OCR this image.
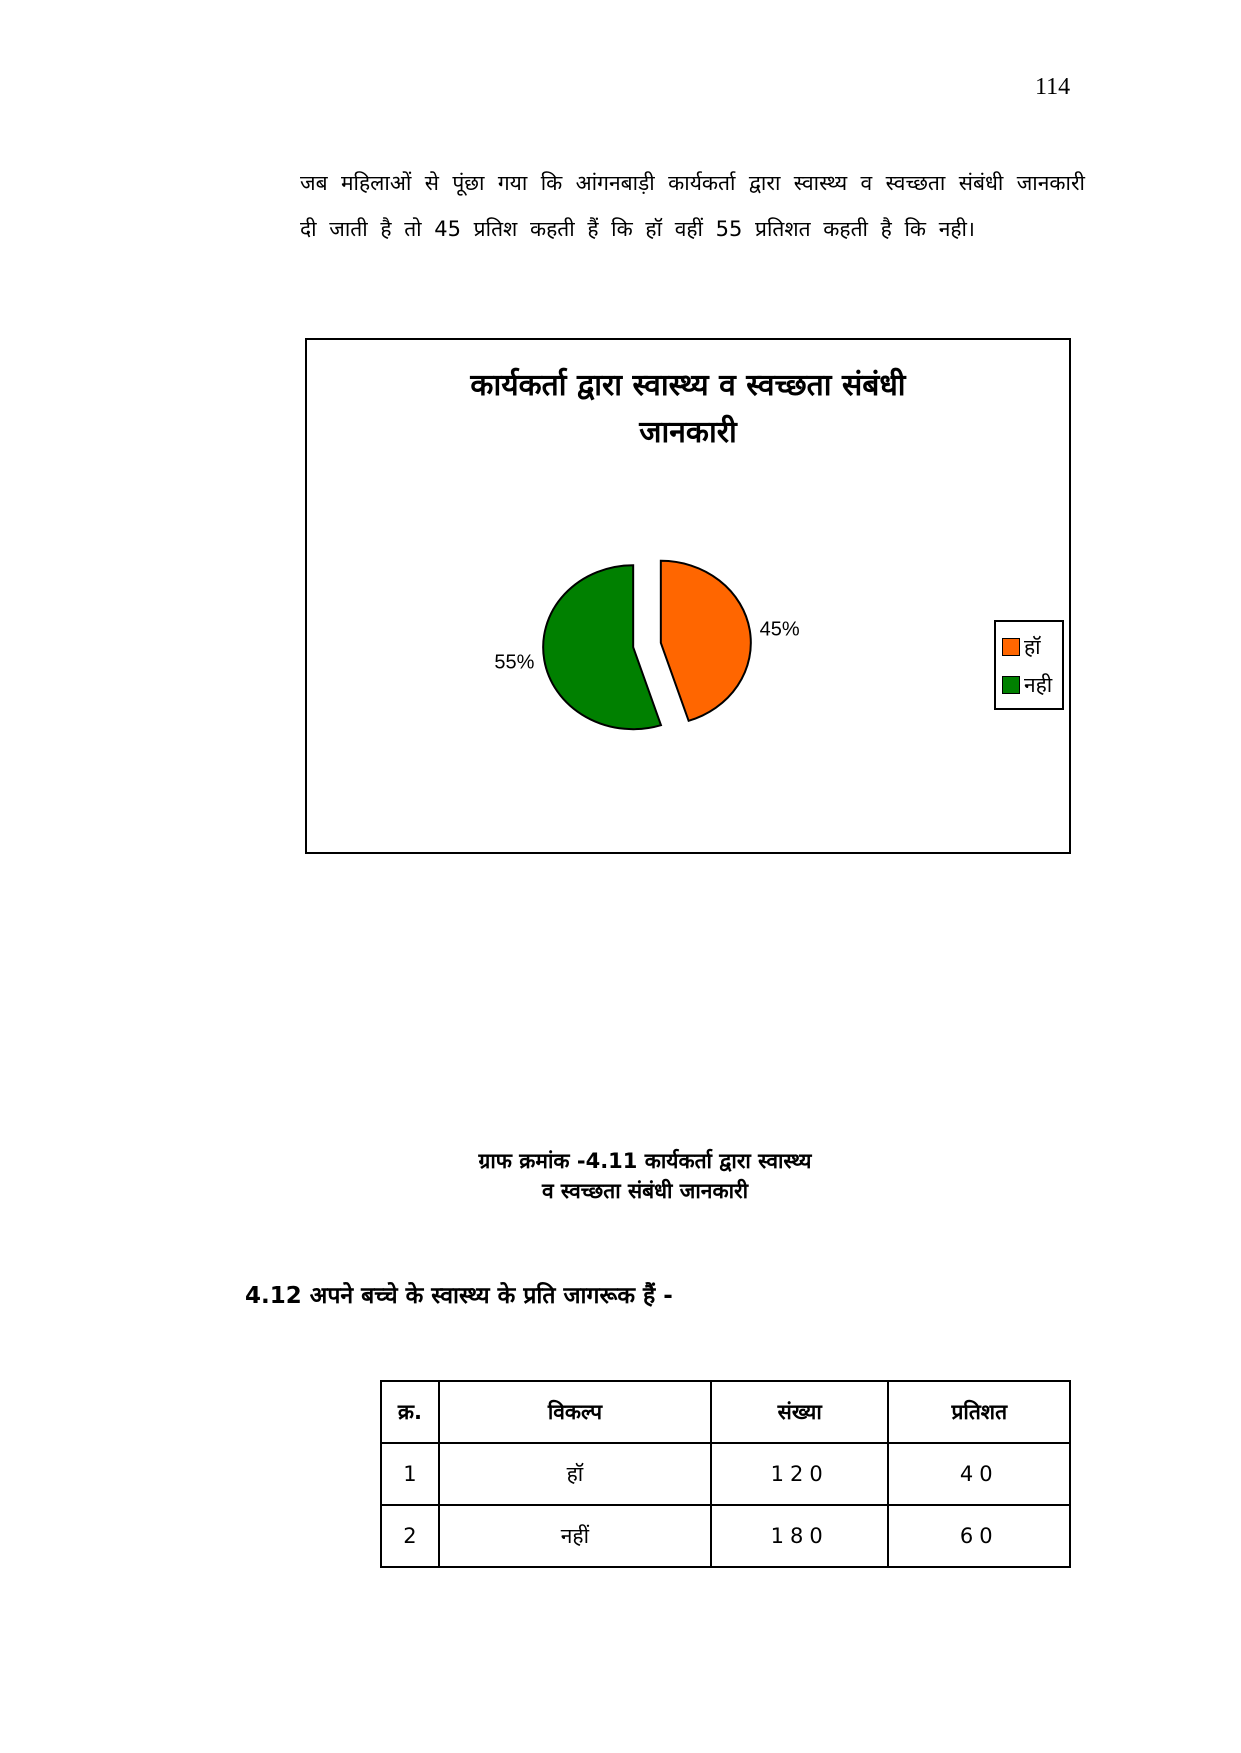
114

जब महिलाओं से पूंछा गया कि आंगनबाड़ी कार्यकर्ता द्वारा स्वास्थ्य व स्वच्छता संबंधी जानकारी दी जाती है तो 45 प्रतिश कहती हैं कि हॉ वहीं 55 प्रतिशत कहती है कि नही।

कार्यकर्ता द्वारा स्वास्थ्य व स्वच्छता संबंधी
जानकारी
45%
55%
हॉ
नही

ग्राफ क्रमांक -4.11 कार्यकर्ता द्वारा स्वास्थ्य
व स्वच्छता संबंधी जानकारी

4.12 अपने बच्चे के स्वास्थ्य के प्रति जागरूक हैं -
क्र.	विकल्प	संख्या	प्रतिशत
1	हॉ	120	40
2	नहीं	180	60
